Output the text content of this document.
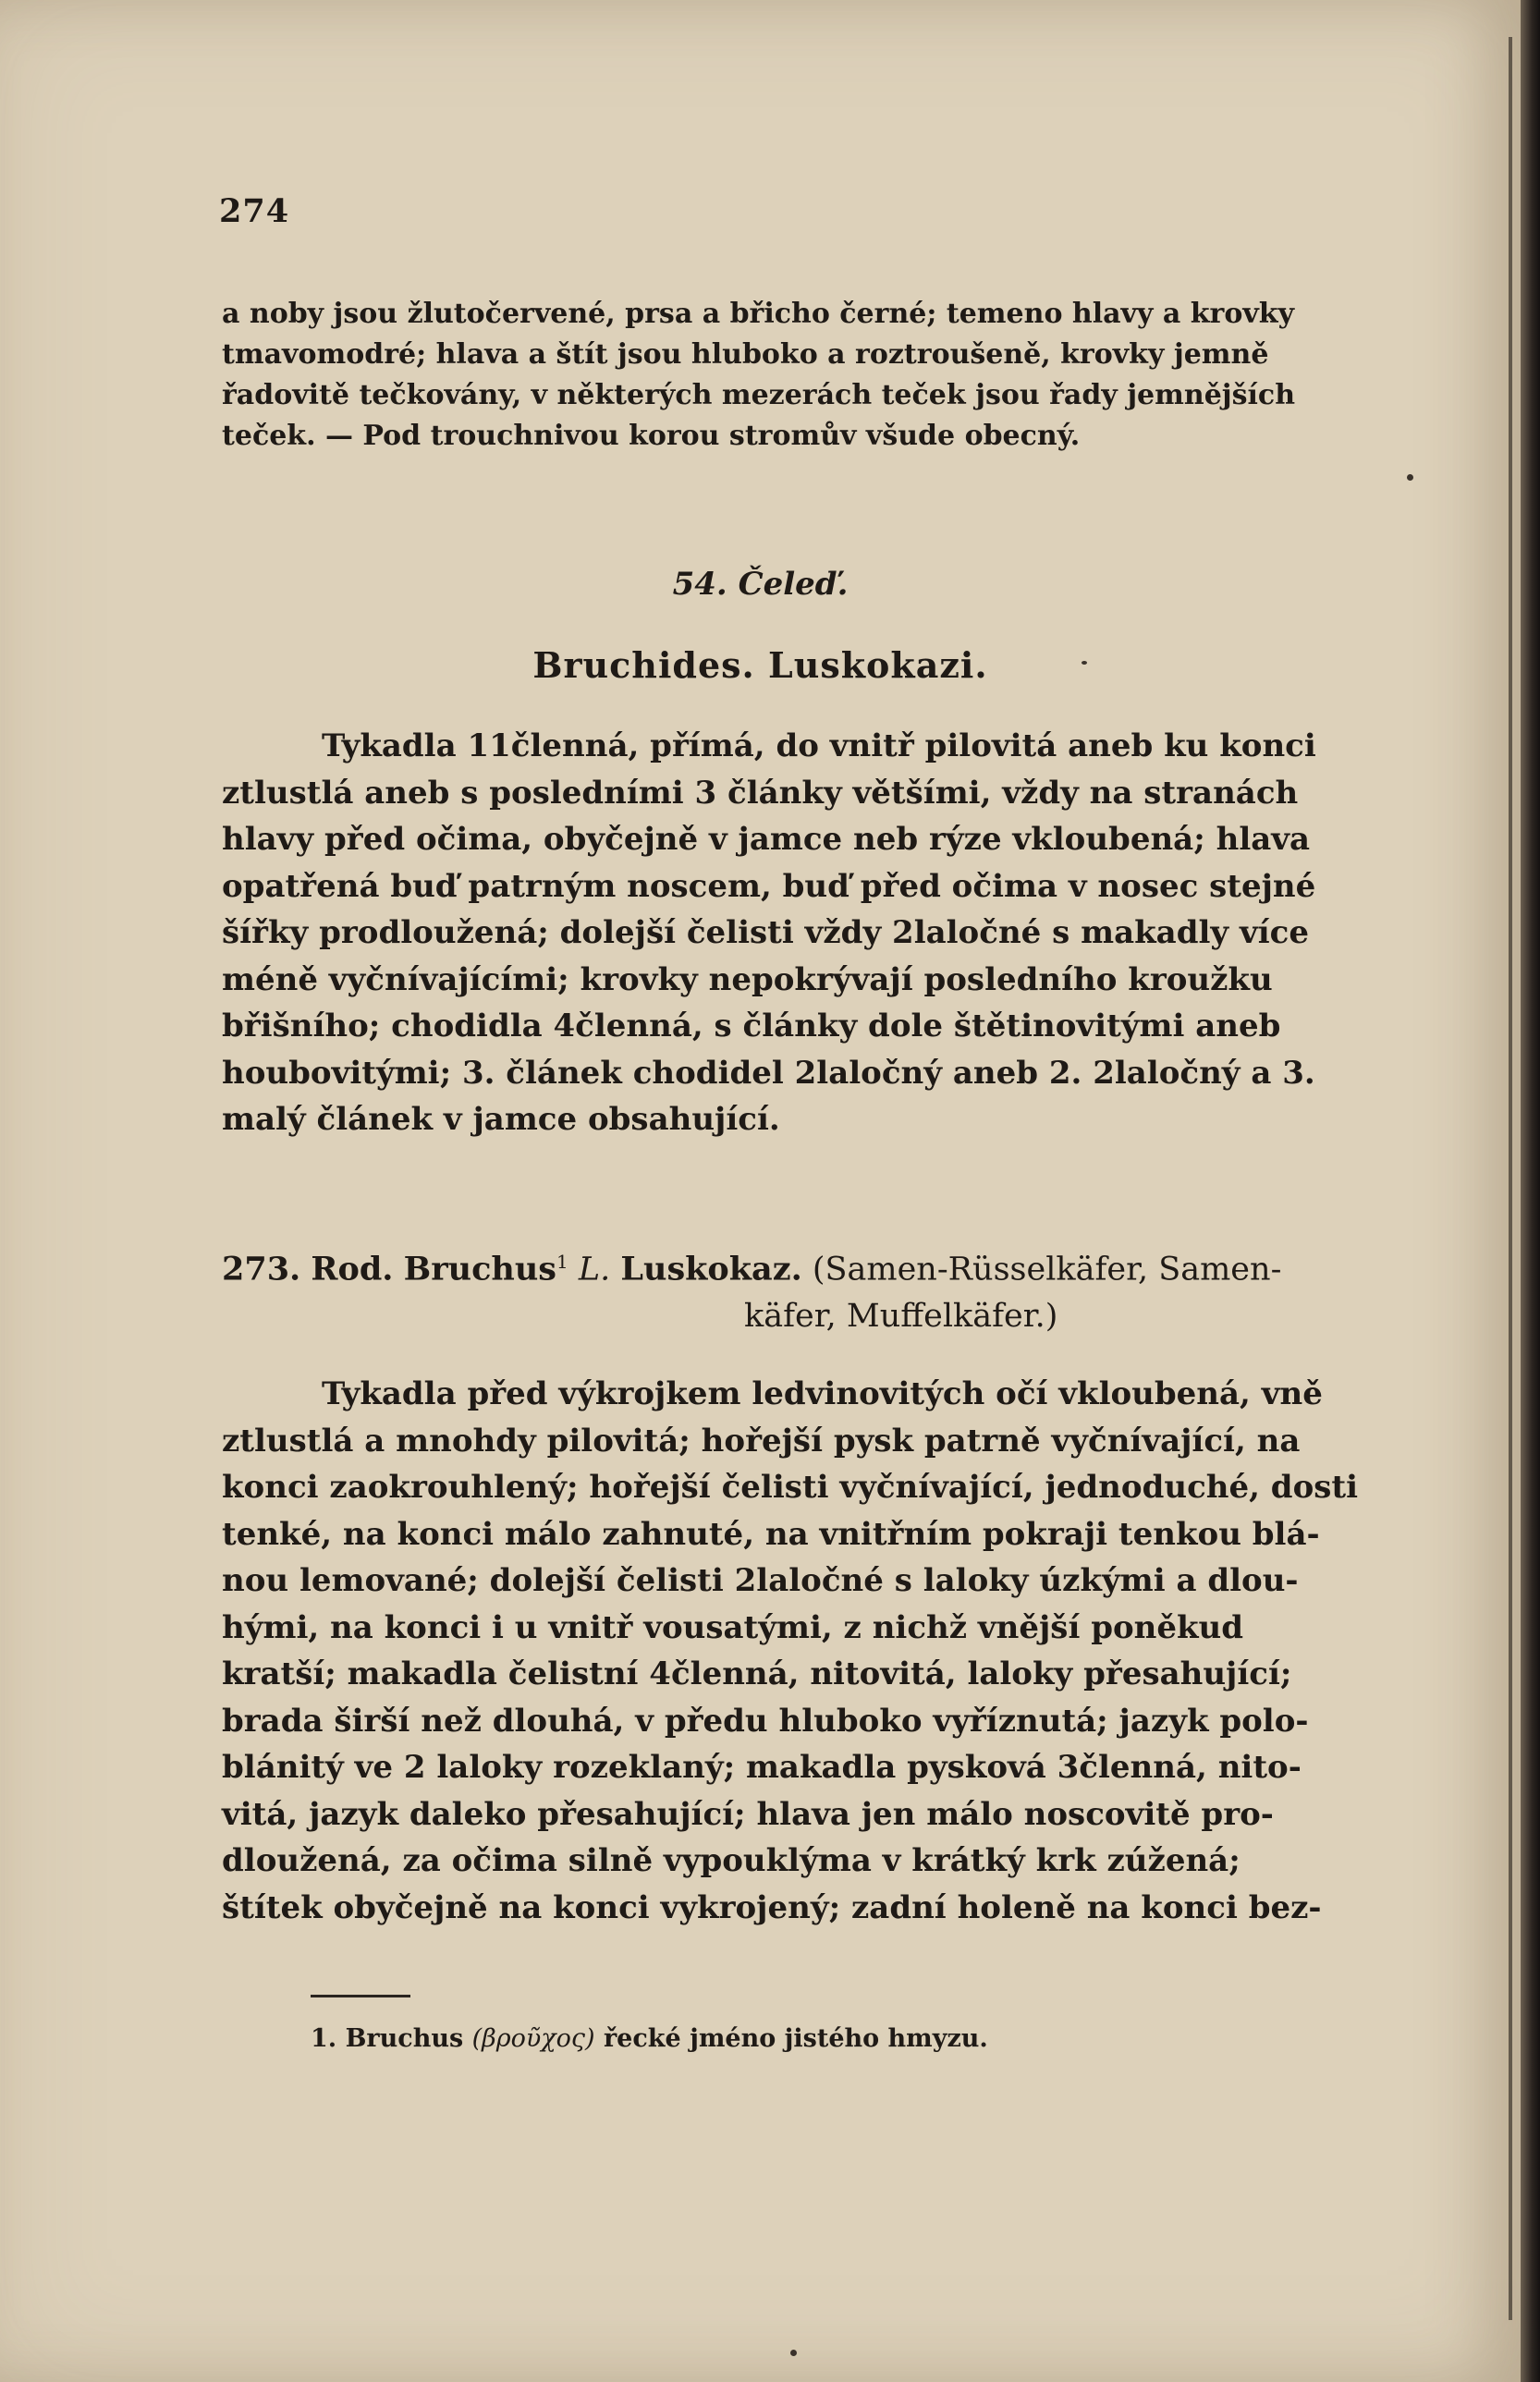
274

a noby jsou žlutočervené, prsa a břicho černé; temeno hlavy a krovky

tmavomodré; hlava a štít jsou hluboko a roztroušeně, krovky jemně

řadovitě tečkovány, v některých mezerách teček jsou řady jemnějších

teček. — Pod trouchnivou korou stromův všude obecný.

54. Čeleď.
Bruchides. Luskokazi.

Tykadla 11členná, přímá, do vnitř pilovitá aneb ku konci

ztlustlá aneb s posledními 3 články většími, vždy na stranách

hlavy před očima, obyčejně v jamce neb rýze vkloubená; hlava

opatřená buď patrným noscem, buď před očima v nosec stejné

šířky prodloužená; dolejší čelisti vždy 2laločné s makadly více

méně vyčnívajícími; krovky nepokrývají posledního kroužku

břišního; chodidla 4členná, s články dole štětinovitými aneb

houbovitými; 3. článek chodidel 2laločný aneb 2. 2laločný a 3.

malý článek v jamce obsahující.

273. Rod. Bruchus$^1$ L. Luskokaz. (Samen-Rüsselkäfer, Samen-
käfer, Muffelkäfer.)

Tykadla před výkrojkem ledvinovitých očí vkloubená, vně

ztlustlá a mnohdy pilovitá; hořejší pysk patrně vyčnívající, na

konci zaokrouhlený; hořejší čelisti vyčnívající, jednoduché, dosti

tenké, na konci málo zahnuté, na vnitřním pokraji tenkou blá-

nou lemované; dolejší čelisti 2laločné s laloky úzkými a dlou-

hými, na konci i u vnitř vousatými, z nichž vnější poněkud

kratší; makadla čelistní 4členná, nitovitá, laloky přesahující;

brada širší než dlouhá, v předu hluboko vyříznutá; jazyk polo-

blánitý ve 2 laloky rozeklaný; makadla pysková 3členná, nito-

vitá, jazyk daleko přesahující; hlava jen málo noscovitě pro-

dloužená, za očima silně vypouklýma v krátký krk zúžená;

štítek obyčejně na konci vykrojený; zadní holeně na konci bez-

1. Bruchus (βροῦχος) řecké jméno jistého hmyzu.
